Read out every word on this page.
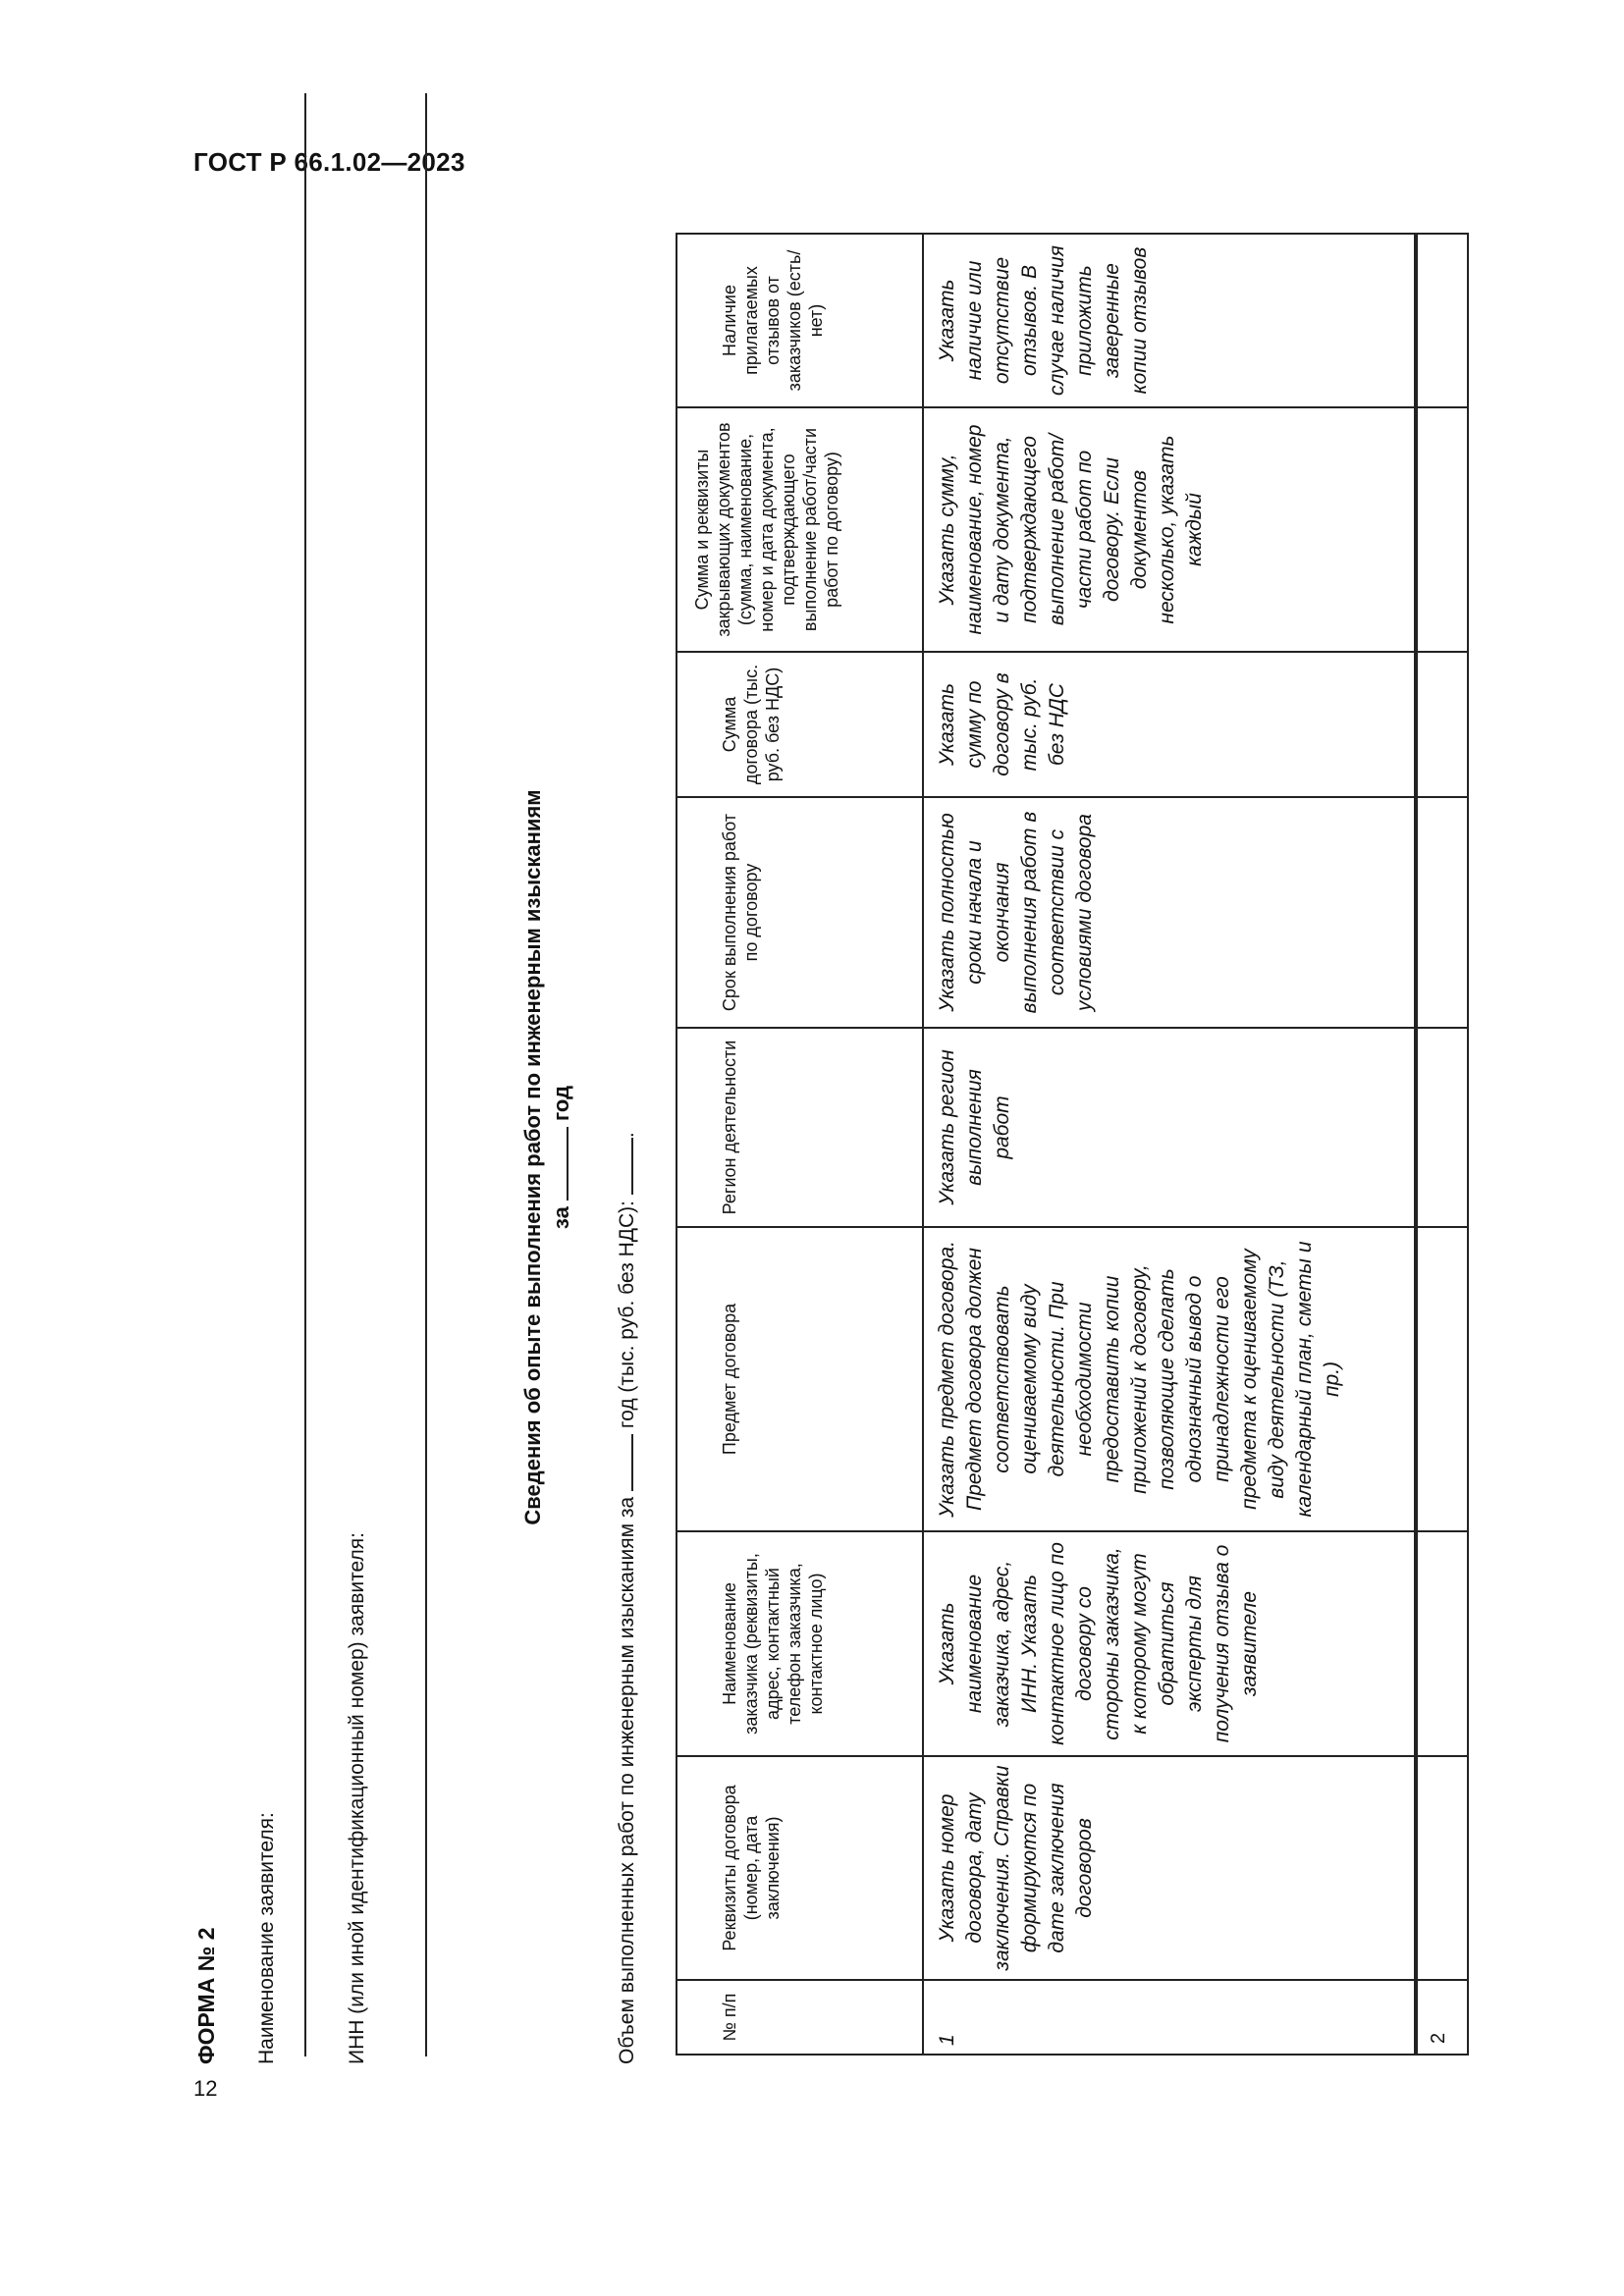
ГОСТ Р 66.1.02—2023
12
ФОРМА № 2 Наименование заявителя:	ИНН (или иной идентификационный номер) заявителя:
Сведения об опыте выполнения работ по инженерным изысканиям за  год
Объем выполненных работ по инженерным изысканиям за  год (тыс. руб. без НДС): .
№ п/п	Реквизиты договора (номер, дата заключения)	Наименование заказчика (реквизиты, адрес, контактный телефон заказчика, контактное лицо)	Предмет договора	Регион деятельности	Срок выполнения работ по договору	Сумма договора (тыс. руб. без НДС)	Сумма и реквизиты закрывающих документов (сумма, наименование, номер и дата документа, подтверждающего выполнение работ/части работ по договору)	Наличие прилагаемых отзывов от заказчиков (есть/нет)

1	Указать номер договора, дату заключения. Справки формируются по дате заключения договоров	Указать наименование заказчика, адрес, ИНН. Указать контактное лицо по договору со стороны заказчика, к которому могут обратиться эксперты для получения отзыва о заявителе	Указать предмет договора. Предмет договора должен соответствовать оцениваемому виду деятельности. При необходимости предоставить копии приложений к договору, позволяющие сделать однозначный вывод о принадлежности его предмета к оцениваемому виду деятельности (ТЗ, календарный план, сметы и пр.)	Указать регион выполнения работ	Указать полностью сроки начала и окончания выполнения работ в соответствии с условиями договора	Указать сумму по договору в тыс. руб. без НДС	Указать сумму, наименование, номер и дату документа, подтверждающего выполнение работ/части работ по договору. Если документов несколько, указать каждый	Указать наличие или отсутствие отзывов. В случае наличия приложить заверенные копии отзывов

2								
